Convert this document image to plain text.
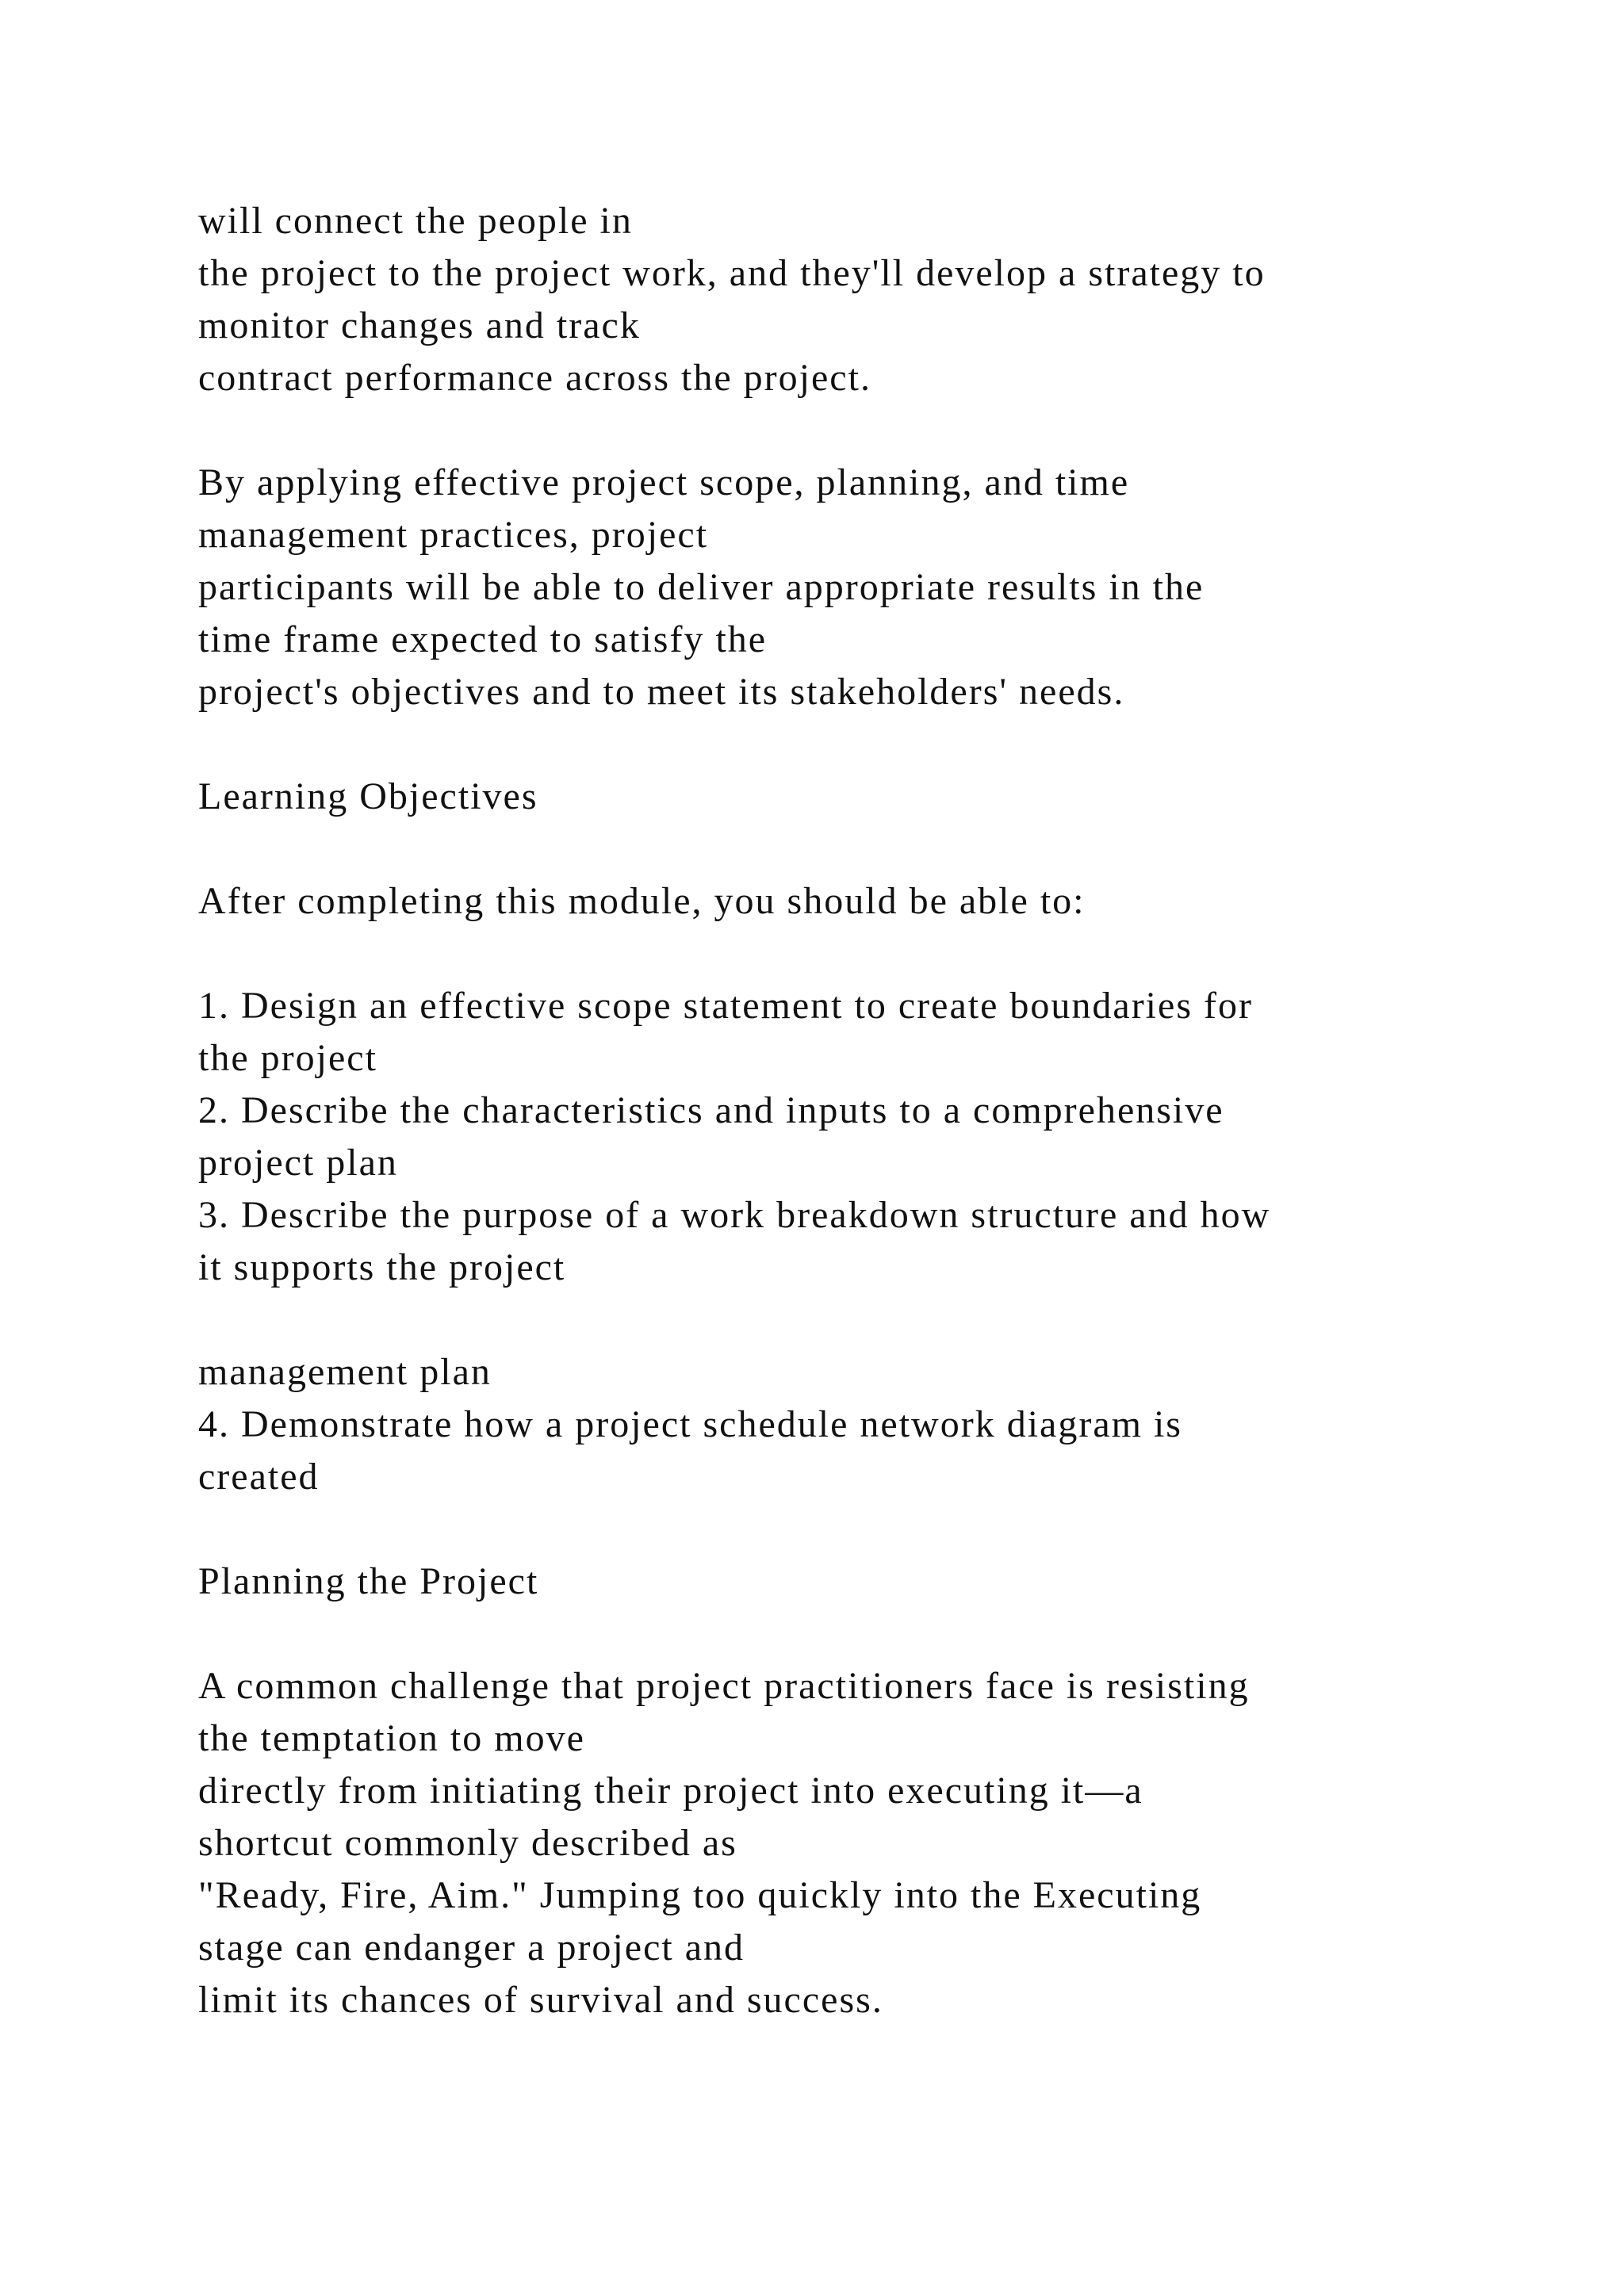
will connect the people in
the project to the project work, and they'll develop a strategy to
monitor changes and track
contract performance across the project.
By applying effective project scope, planning, and time
management practices, project
participants will be able to deliver appropriate results in the
time frame expected to satisfy the
project's objectives and to meet its stakeholders' needs.
Learning Objectives
After completing this module, you should be able to:
1. Design an effective scope statement to create boundaries for
the project
2. Describe the characteristics and inputs to a comprehensive
project plan
3. Describe the purpose of a work breakdown structure and how
it supports the project
management plan
4. Demonstrate how a project schedule network diagram is
created
Planning the Project
A common challenge that project practitioners face is resisting
the temptation to move
directly from initiating their project into executing it—a
shortcut commonly described as
"Ready, Fire, Aim." Jumping too quickly into the Executing
stage can endanger a project and
limit its chances of survival and success.
